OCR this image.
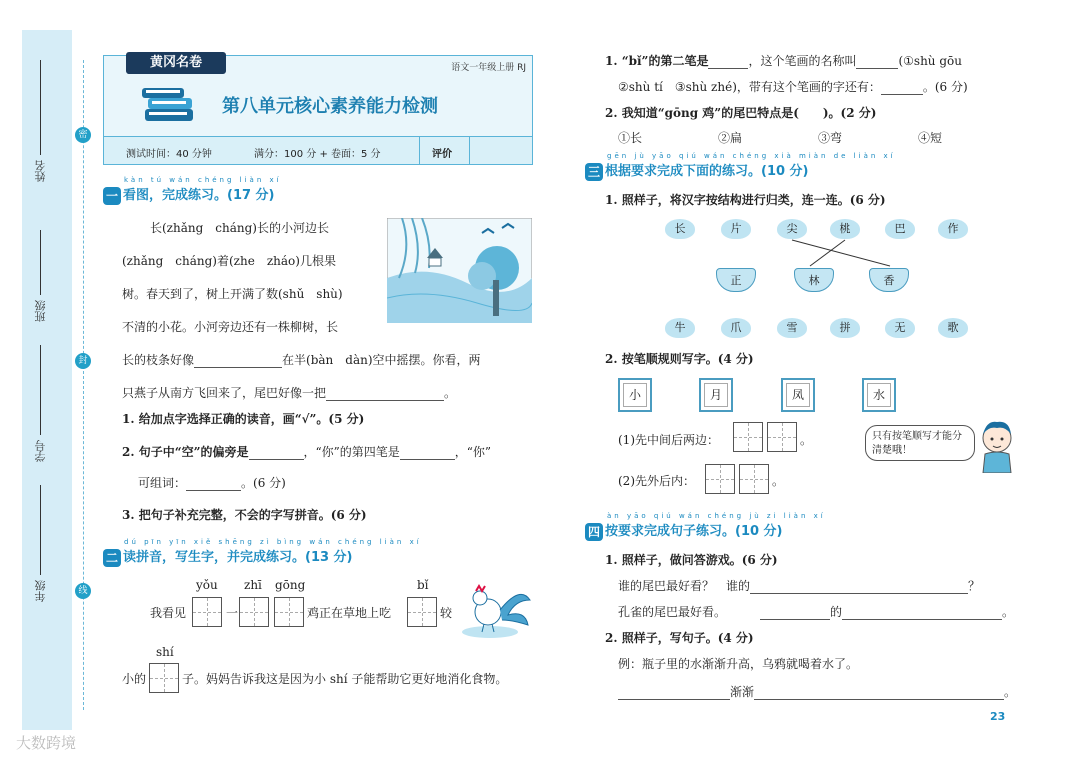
姓名
班级
学号
年级
密
封
线
黄冈名卷	语文一年级上册 RJ
第八单元核心素养能力检测
测试时间：40 分钟	满分：100 分 + 卷面：5 分	评价
kàn tú wán chéng liàn xí
一 看图，完成练习。(17 分)
长(zhǎng　cháng)长的小河边长
(zhǎng　cháng)着(zhe　zháo)几根果
树。春天到了，树上开满了数(shǔ　shù)
不清的小花。小河旁边还有一株柳树，长
长的枝条好像	在半(bàn　dàn)空中摇摆。你看，两
只燕子从南方飞回来了，尾巴好像一把	。
1. 给加点字选择正确的读音，画“√”。(5 分)
2. 句子中“空”的偏旁是	，“你”的第四笔是	，“你”
可组词：	。(6 分)
3. 把句子补充完整，不会的字写拼音。(6 分)
dú pīn yīn xiě shēng zì bìng wán chéng liàn xí
二 读拼音，写生字，并完成练习。(13 分)
yǒu zhī gōng	bǐ
我看见	一	鸡正在草地上吃	较
shí
小的	子。妈妈告诉我这是因为小 shí 子能帮助它更好地消化食物。
1. “bǐ”的第二笔是	，这个笔画的名称叫	(①shù gōu
②shù tí　③shù zhé)，带有这个笔画的字还有：	。(6 分)
2. 我知道“gōng 鸡”的尾巴特点是(　　)。(2 分)
①长	②扁	③弯	④短
gēn jù yāo qiú wán chéng xià miàn de liàn xí
三 根据要求完成下面的练习。(10 分)
1. 照样子，将汉字按结构进行归类，连一连。(6 分)
长	片	尖	桃	巴	作
正	林	香
牛	爪	雪	拼	无	歌
2. 按笔顺规则写字。(4 分)
小	月	凤	水
(1)先中间后两边：	。
(2)先外后内：	。
只有按笔顺写才能分清楚哦！
àn yāo qiú wán chéng jù zi liàn xí
四 按要求完成句子练习。(10 分)
1. 照样子，做问答游戏。(6 分)
谁的尾巴最好看？　谁的	？
孔雀的尾巴最好看。	的	。
2. 照样子，写句子。(4 分)
例：瓶子里的水渐渐升高，乌鸦就喝着水了。
渐渐	。
23
大数跨境
